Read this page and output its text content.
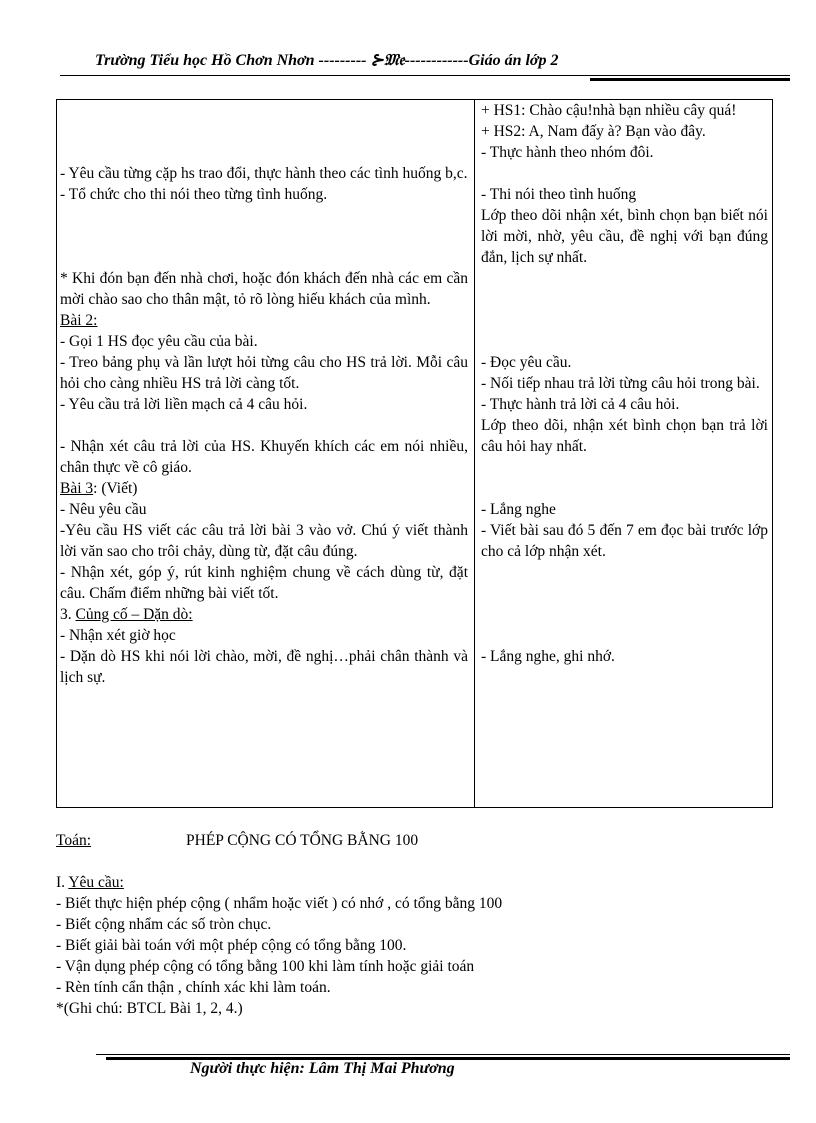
Trường Tiểu học Hồ Chơn Nhơn --------- ⊱𝔐𝔢------------Giáo án lớp 2
- Yêu cầu từng cặp hs trao đổi, thực hành theo các tình huống b,c.
- Tổ chức cho thi nói theo từng tình huống.
* Khi đón bạn đến nhà chơi, hoặc đón khách đến nhà các em cần mời chào sao cho thân mật, tỏ rõ lòng hiếu khách của mình.
Bài 2:
- Gọi 1 HS đọc yêu cầu của bài.
- Treo bảng phụ và lần lượt hỏi từng câu cho HS trả lời. Mỗi câu hỏi cho càng nhiều HS trả lời càng tốt.
- Yêu cầu trả lời liền mạch cả 4 câu hỏi.
- Nhận xét câu trả lời của HS. Khuyến khích các em nói nhiều, chân thực về cô giáo.
Bài 3: (Viết)
- Nêu yêu cầu
-Yêu cầu HS viết các câu trả lời bài 3 vào vở. Chú ý viết thành lời văn sao cho trôi chảy, dùng từ, đặt câu đúng.
- Nhận xét, góp ý, rút kinh nghiệm chung về cách dùng từ, đặt câu. Chấm điểm những bài viết tốt.
3. Củng cố – Dặn dò:
- Nhận xét giờ học
- Dặn dò HS khi nói lời chào, mời, đề nghị…phải chân thành và lịch sự.
+ HS1: Chào cậu!nhà bạn nhiều cây quá!
+ HS2: A, Nam đấy à? Bạn vào đây.
- Thực hành theo nhóm đôi.
- Thi nói theo tình huống
Lớp theo dõi nhận xét, bình chọn bạn biết nói lời mời, nhờ, yêu cầu, đề nghị với bạn đúng đắn, lịch sự nhất.
- Đọc yêu cầu.
- Nối tiếp nhau trả lời từng câu hỏi trong bài.
- Thực hành trả lời cả 4 câu hỏi.
Lớp theo dõi, nhận xét bình chọn bạn trả lời câu hỏi hay nhất.
- Lắng nghe
- Viết bài sau đó 5 đến 7 em đọc bài trước lớp cho cả lớp nhận xét.
- Lắng nghe, ghi nhớ.
Toán:	PHÉP CỘNG CÓ TỔNG BẰNG 100
I. Yêu cầu:
- Biết thực hiện phép cộng ( nhẩm hoặc viết ) có nhớ , có tổng bằng 100
- Biết cộng nhẩm các số tròn chục.
- Biết giải bài toán với một phép cộng có tổng bằng 100.
- Vận dụng phép cộng có tổng bằng 100 khi làm tính hoặc giải toán
- Rèn tính cẩn thận , chính xác khi làm toán.
*(Ghi chú: BTCL Bài 1, 2, 4.)
Người thực hiện: Lâm Thị Mai Phương
